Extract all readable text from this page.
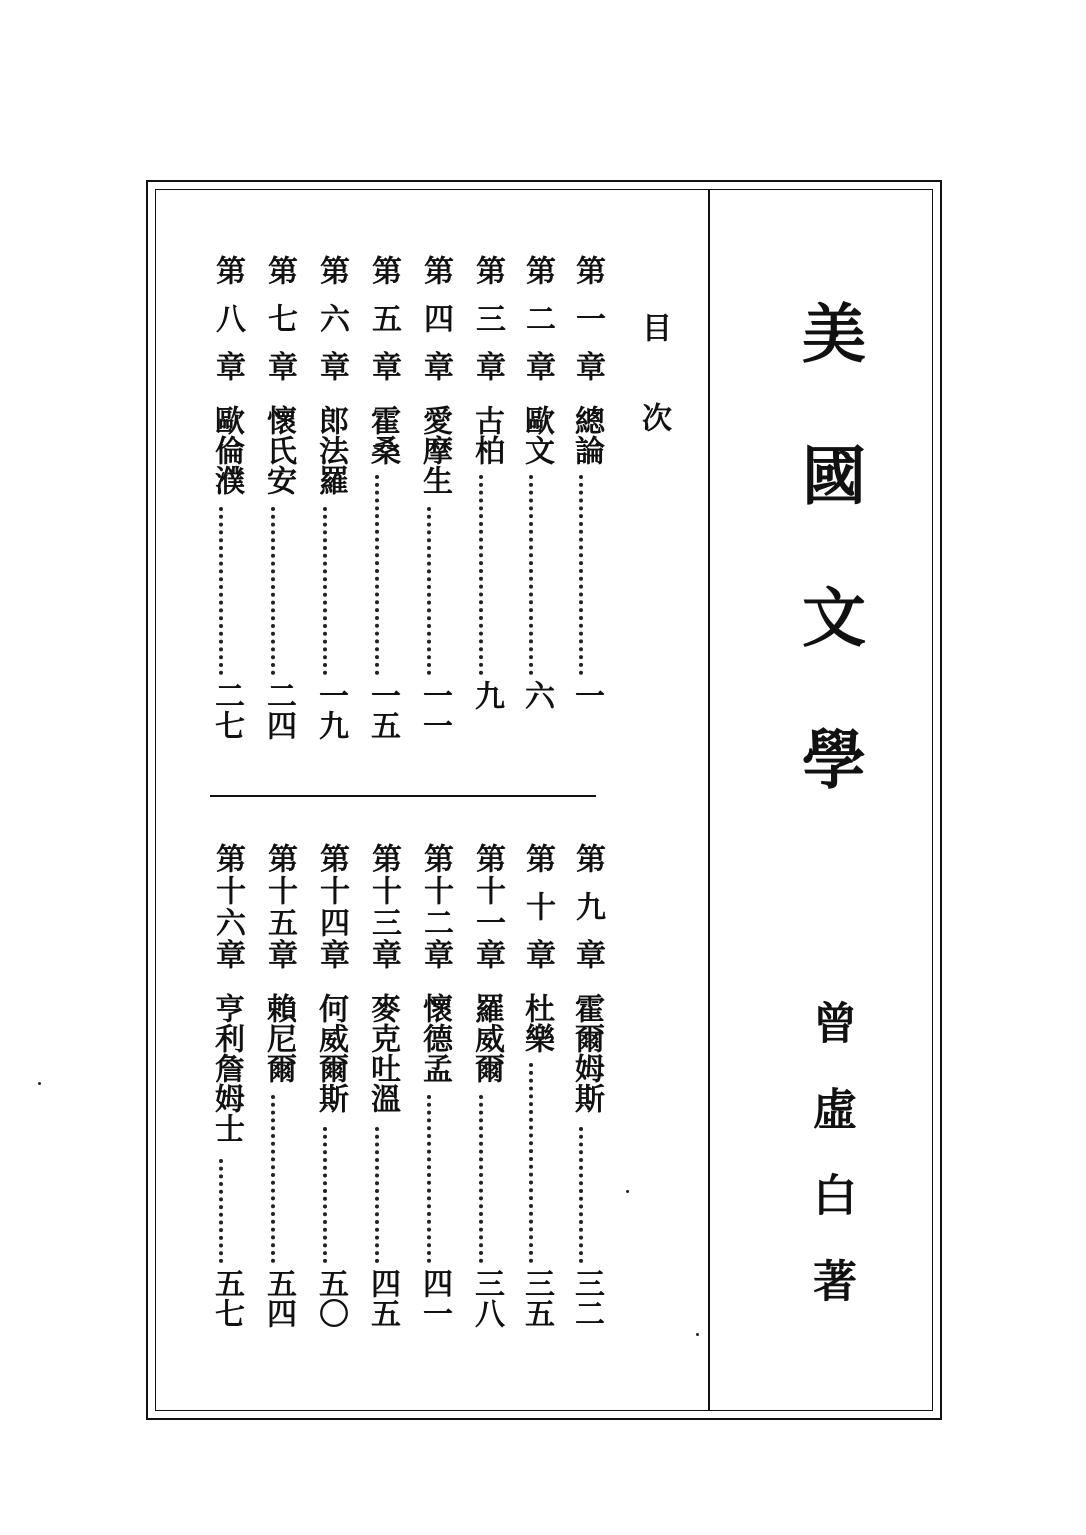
美國文學
曾虛白著
目次
第一章
總論
一
第二章
歐文
六
第三章
古柏
九
第四章
愛摩生
一一
第五章
霍桑
一五
第六章
郎法羅
一九
第七章
懷氏安
二四
第八章
歐倫濮
二七
第九章
霍爾姆斯
三二
第十章
杜樂
三五
第十一章
羅威爾
三八
第十二章
懷德孟
四一
第十三章
麥克吐溫
四五
第十四章
何威爾斯
五〇
第十五章
賴尼爾
五四
第十六章
亨利詹姆士
五七
